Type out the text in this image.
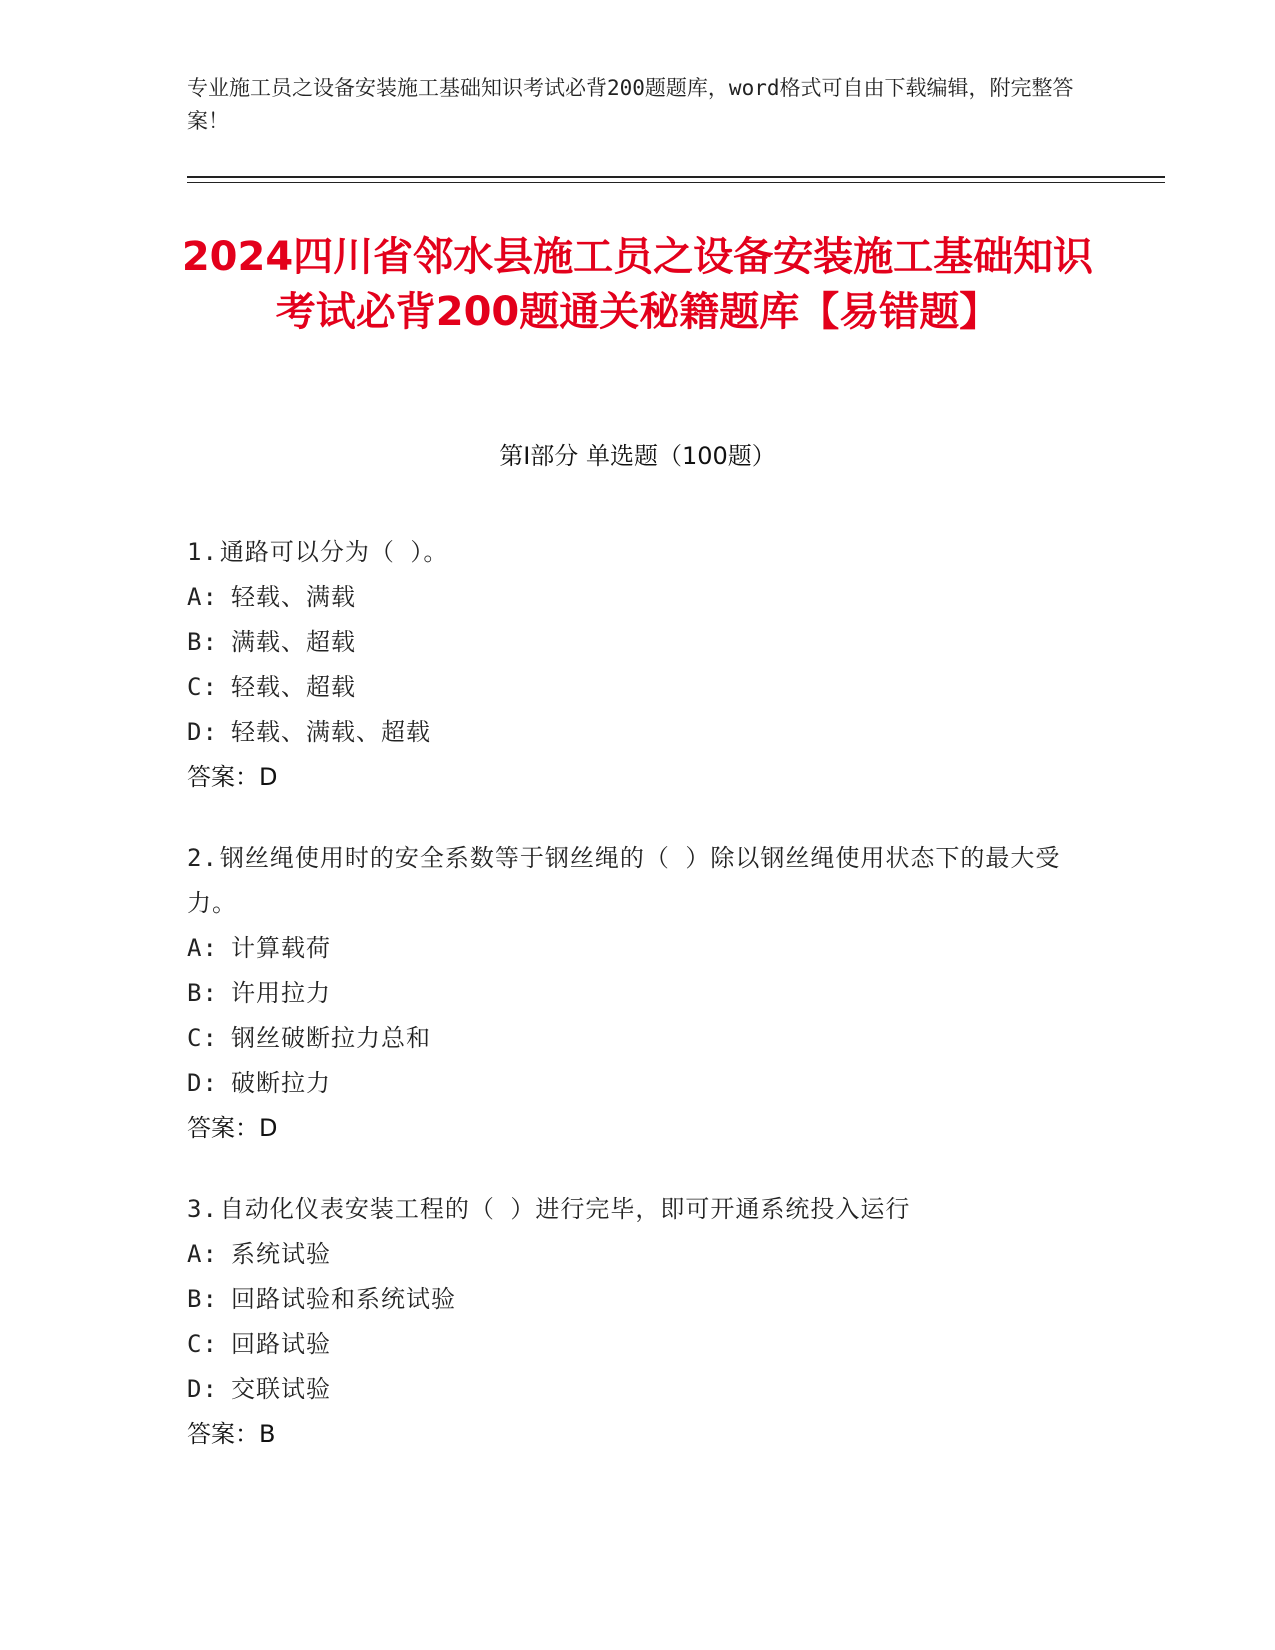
专业施工员之设备安装施工基础知识考试必背200题题库，word格式可自由下载编辑，附完整答案！
2024四川省邻水县施工员之设备安装施工基础知识考试必背200题通关秘籍题库【易错题】
第I部分 单选题（100题）
1.通路可以分为（ ）。
A: 轻载、满载
B: 满载、超载
C: 轻载、超载
D: 轻载、满载、超载
答案：D
2.钢丝绳使用时的安全系数等于钢丝绳的（ ）除以钢丝绳使用状态下的最大受力。
A: 计算载荷
B: 许用拉力
C: 钢丝破断拉力总和
D: 破断拉力
答案：D
3.自动化仪表安装工程的（ ）进行完毕，即可开通系统投入运行
A: 系统试验
B: 回路试验和系统试验
C: 回路试验
D: 交联试验
答案：B
